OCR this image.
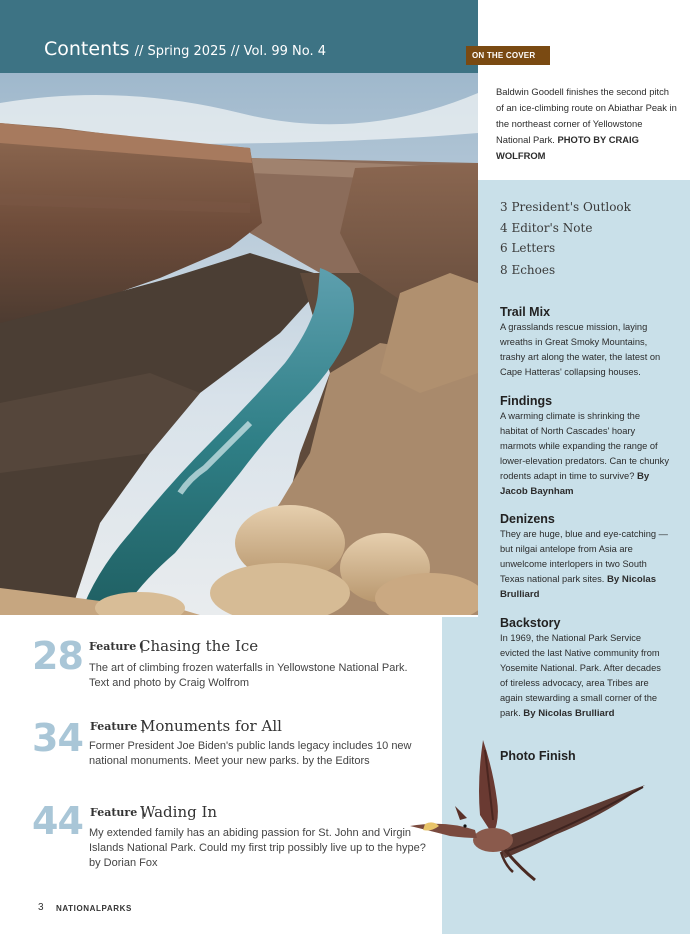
Contents // Spring 2025 // Vol. 99 No. 4	ON THE COVER
Baldwin Goodell finishes the second pitch of an ice-climbing route on Abiathar Peak in the northeast corner of Yellowstone National Park. PHOTO BY CRAIG WOLFROM
3 President's Outlook
4 Editor's Note
6 Letters
8 Echoes
Trail Mix
A grasslands rescue mission, laying wreaths in Great Smoky Mountains, trashy art along the water, the latest on Cape Hatteras' collapsing houses.
Findings
A warming climate is shrinking the habitat of North Cascades' hoary marmots while expanding the range of lower-elevation predators. Can te chunky rodents adapt in time to survive? By Jacob Baynham
Denizens
They are huge, blue and eye-catching — but nilgai antelope from Asia are unwelcome interlopers in two South Texas national park sites. By Nicolas Brulliard
Backstory
In 1969, the National Park Service evicted the last Native community from Yosemite National. Park. After decades of tireless advocacy, area Tribes are again stewarding a small corner of the park. By Nicolas Brulliard
Photo Finish
28 Feature |
Chasing the Ice
The art of climbing frozen waterfalls in Yellowstone National Park. Text and photo by Craig Wolfrom
34 Feature |
Monuments for All
Former President Joe Biden's public lands legacy includes 10 new national monuments. Meet your new parks. by the Editors
44 Feature |
Wading In
My extended family has an abiding passion for St. John and Virgin Islands National Park. Could my first trip possibly live up to the hype? by Dorian Fox
3 NATIONALPARKS
